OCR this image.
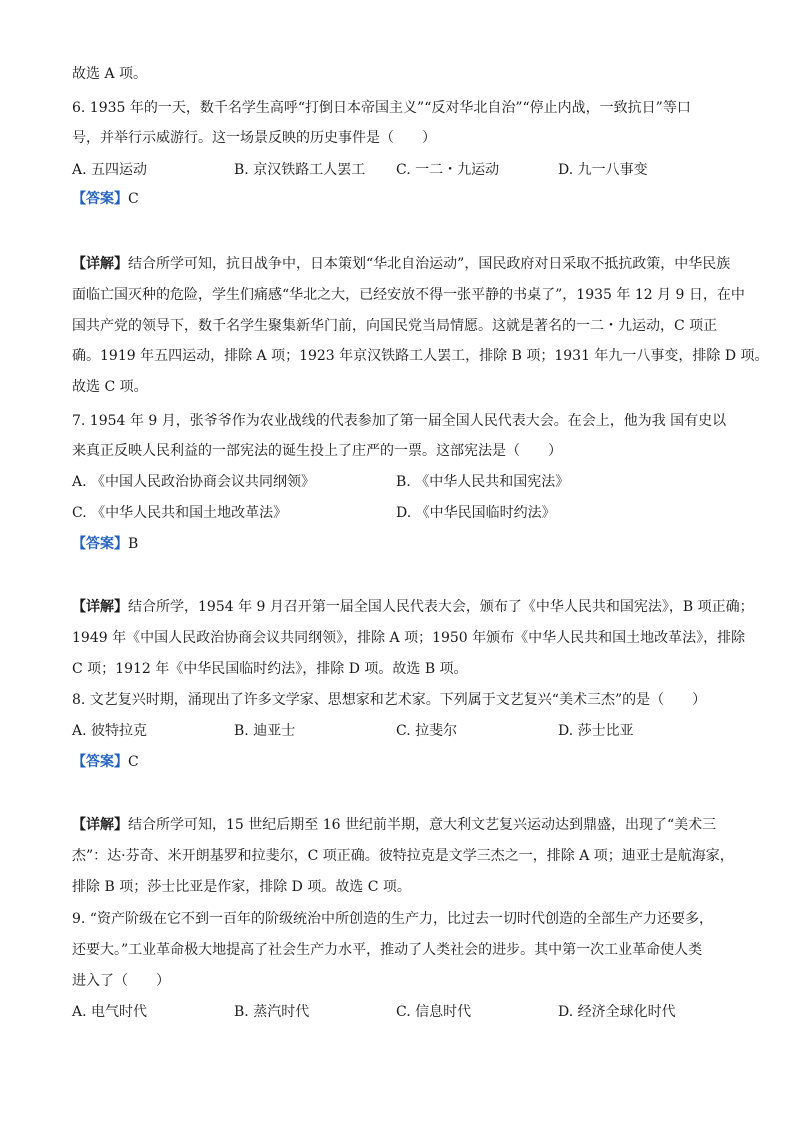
故选 A 项。
6. 1935 年的一天，数千名学生高呼“打倒日本帝国主义”“反对华北自治”“停止内战，一致抗日”等口
号，并举行示威游行。这一场景反映的历史事件是（　　）
A. 五四运动	B. 京汉铁路工人罢工 C. 一二・九运动	D. 九一八事变
【答案】C
【详解】结合所学可知，抗日战争中，日本策划“华北自治运动”，国民政府对日采取不抵抗政策，中华民族
面临亡国灭种的危险，学生们痛感“华北之大，已经安放不得一张平静的书桌了”，1935 年 12 月 9 日，在中
国共产党的领导下，数千名学生聚集新华门前，向国民党当局情愿。这就是著名的一二・九运动，C 项正
确。1919 年五四运动，排除 A 项；1923 年京汉铁路工人罢工，排除 B 项；1931 年九一八事变，排除 D 项。
故选 C 项。
7. 1954 年 9 月，张爷爷作为农业战线的代表参加了第一届全国人民代表大会。在会上，他为我 国有史以
来真正反映人民利益的一部宪法的诞生投上了庄严的一票。这部宪法是（　　）
A. 《中国人民政治协商会议共同纲领》	B. 《中华人民共和国宪法》
C. 《中华人民共和国土地改革法》	D. 《中华民国临时约法》
【答案】B
【详解】结合所学，1954 年 9 月召开第一届全国人民代表大会，颁布了《中华人民共和国宪法》，B 项正确；
1949 年《中国人民政治协商会议共同纲领》，排除 A 项；1950 年颁布《中华人民共和国土地改革法》，排除
C 项；1912 年《中华民国临时约法》，排除 D 项。故选 B 项。
8. 文艺复兴时期，涌现出了许多文学家、思想家和艺术家。下列属于文艺复兴“美术三杰”的是（　　）
A. 彼特拉克	B. 迪亚士	C. 拉斐尔	D. 莎士比亚
【答案】C
【详解】结合所学可知，15 世纪后期至 16 世纪前半期，意大利文艺复兴运动达到鼎盛，出现了“美术三
杰”：达·芬奇、米开朗基罗和拉斐尔，C 项正确。彼特拉克是文学三杰之一，排除 A 项；迪亚士是航海家，
排除 B 项；莎士比亚是作家，排除 D 项。故选 C 项。
9. “资产阶级在它不到一百年的阶级统治中所创造的生产力，比过去一切时代创造的全部生产力还要多，
还要大。”工业革命极大地提高了社会生产力水平，推动了人类社会的进步。其中第一次工业革命使人类
进入了（　　）
A. 电气时代	B. 蒸汽时代	C. 信息时代	D. 经济全球化时代
